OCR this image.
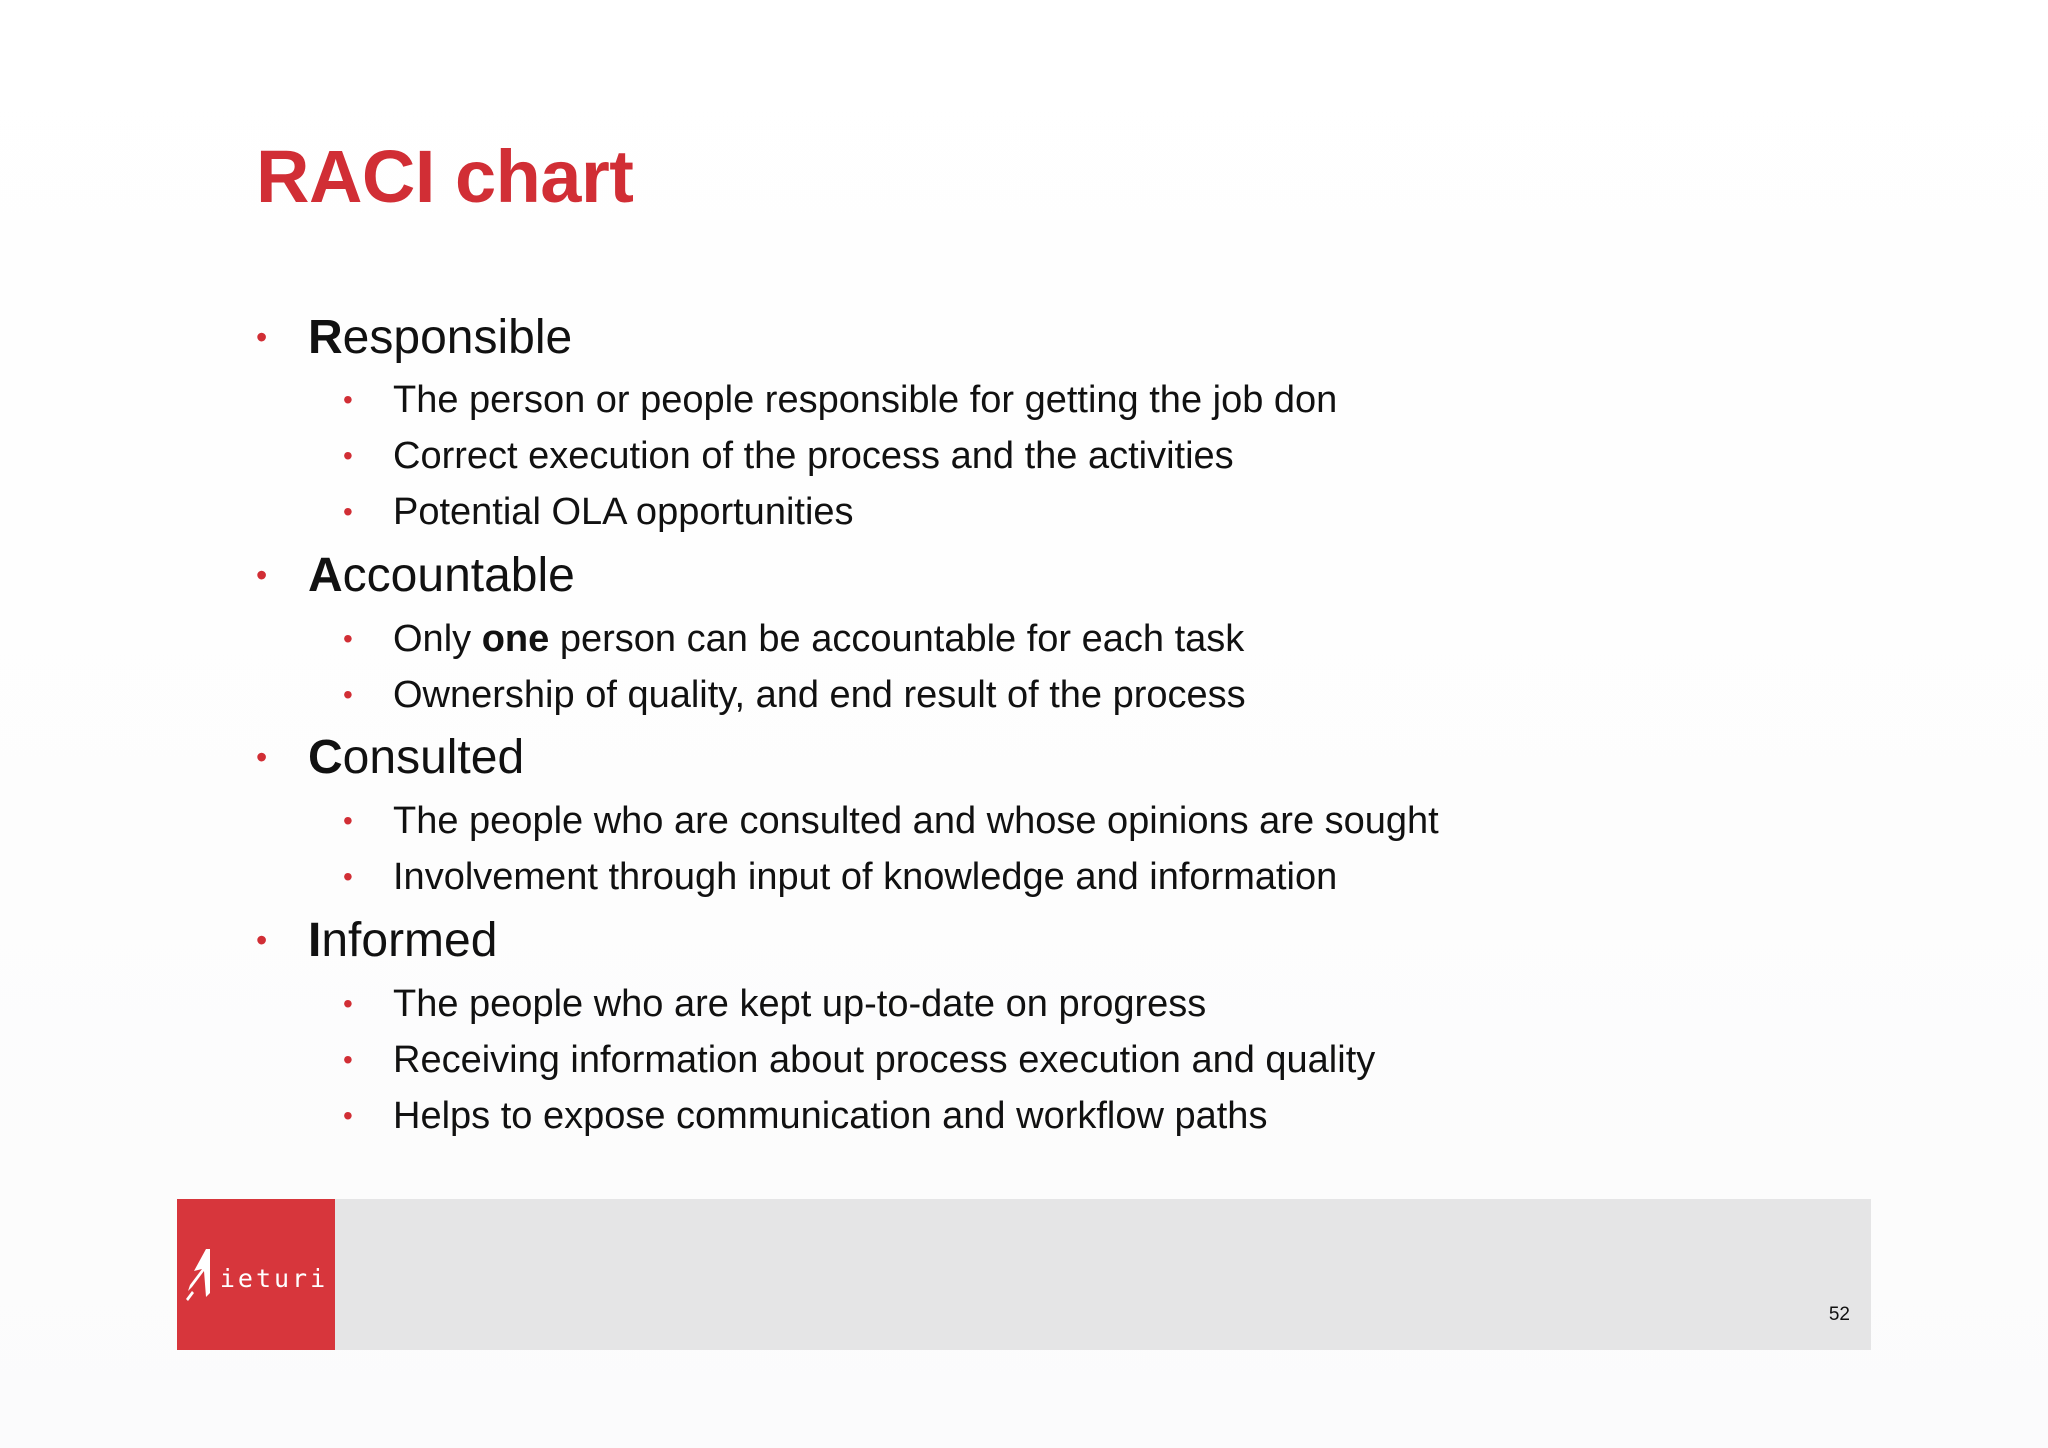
RACI chart
• Responsible
•	The person or people responsible for getting the job don
•	Correct execution of the process and the activities
•	Potential OLA opportunities
• Accountable
•	Only one person can be accountable for each task
•	Ownership of quality, and end result of the process
• Consulted
•	The people who are consulted and whose opinions are sought
•	Involvement through input of knowledge and information
• Informed
•	The people who are kept up-to-date on progress
•	Receiving information about process execution and quality
•	Helps to expose communication and workflow paths
ieturi
52
